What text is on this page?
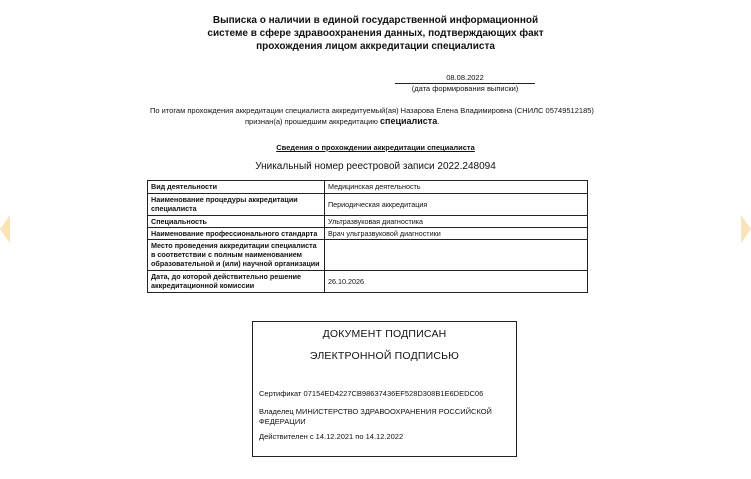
Выписка о наличии в единой государственной информационной
системе в сфере здравоохранения данных, подтверждающих факт
прохождения лицом аккредитации специалиста
08.08.2022
(дата формирования выписки)
По итогам прохождения аккредитации специалиста аккредитуемый(ая) Назарова Елена Владимировна (СНИЛС 05749512185)
признан(а) прошедшим аккредитацию специалиста.
Сведения о прохождении аккредитации специалиста
Уникальный номер реестровой записи 2022.248094
Вид деятельности	Медицинская деятельность
Наименование процедуры аккредитации специалиста	Периодическая аккредитация
Специальность	Ультразвуковая диагностика
Наименование профессионального стандарта	Врач ультразвуковой диагностики
Место проведения аккредитации специалиста в соответствии с полным наименованием образовательной и (или) научной организации	
Дата, до которой действительно решение аккредитационной комиссии	26.10.2026
ДОКУМЕНТ ПОДПИСАН
ЭЛЕКТРОННОЙ ПОДПИСЬЮ
Сертификат 07154ED4227CB98637436EF528D308B1E6DEDC06
Владелец МИНИСТЕРСТВО ЗДРАВООХРАНЕНИЯ РОССИЙСКОЙ ФЕДЕРАЦИИ
Действителен с 14.12.2021 по 14.12.2022
